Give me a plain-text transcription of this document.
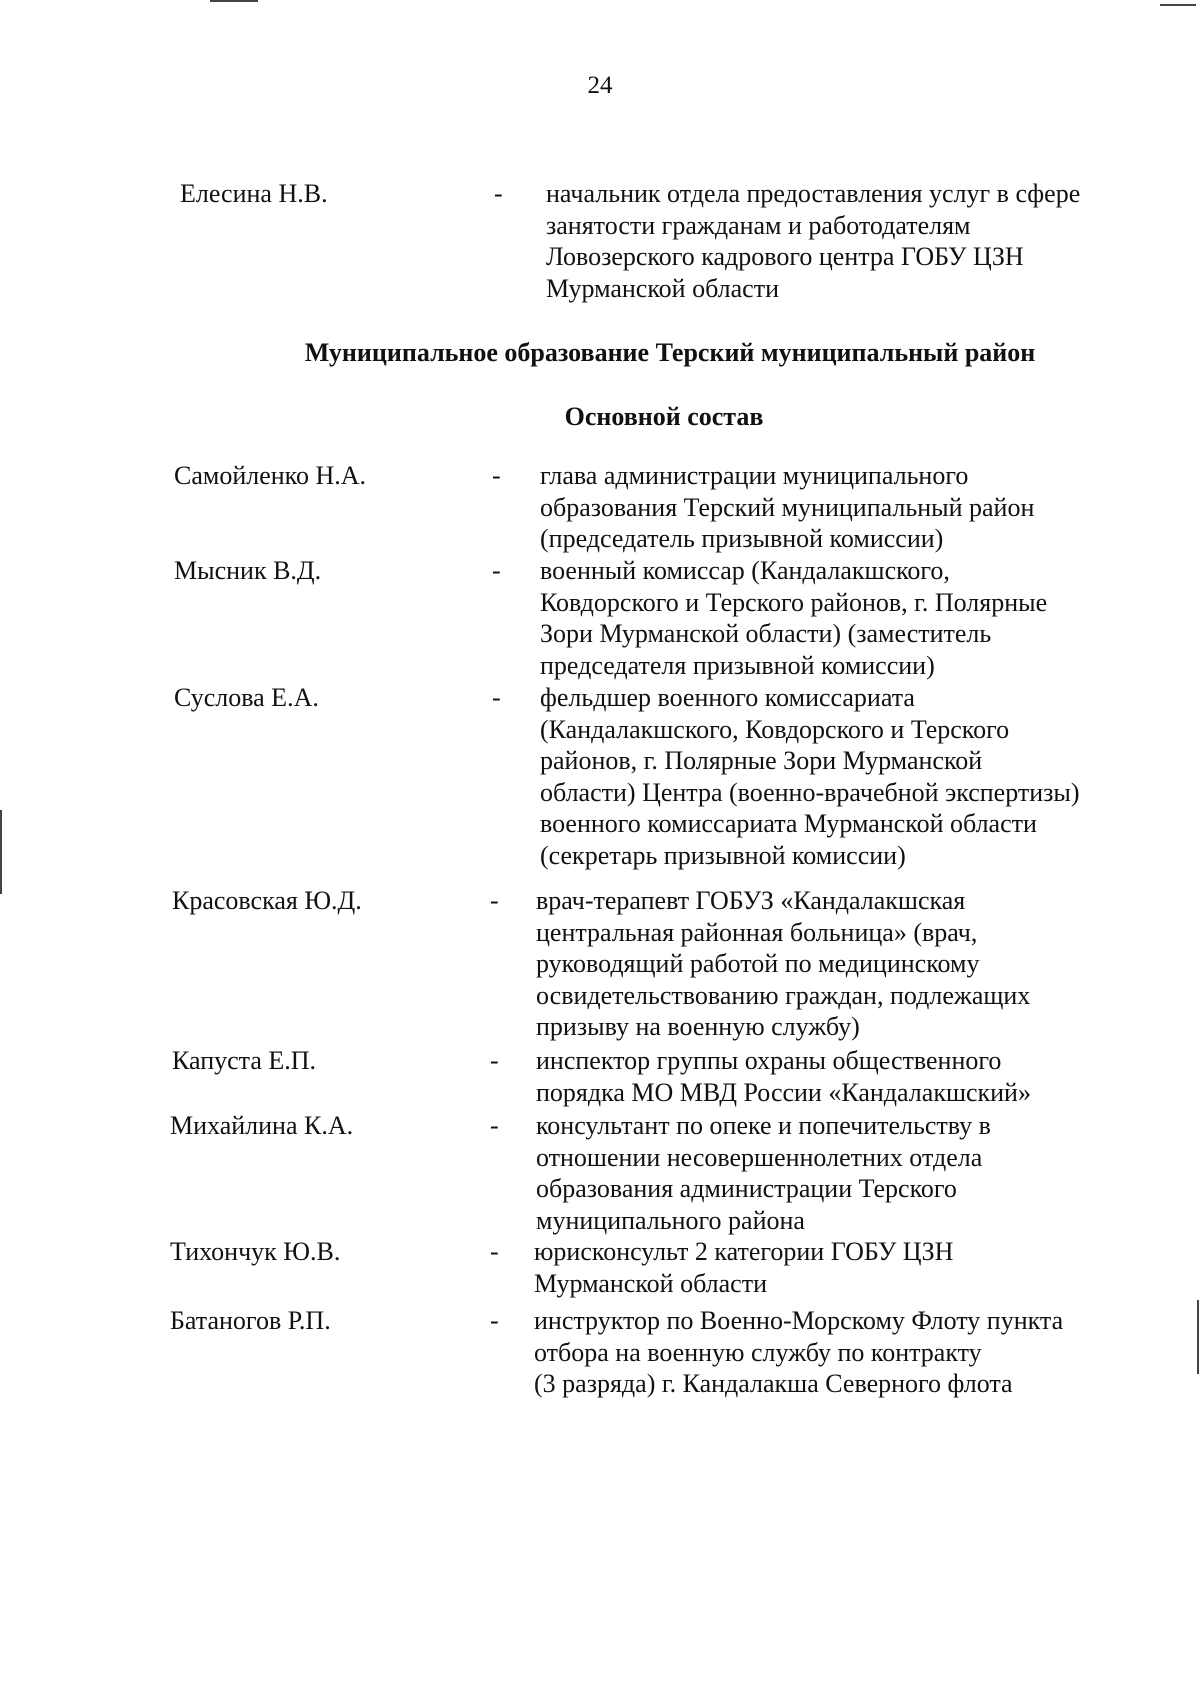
24
Елесина Н.В.	- начальник отдела предоставления услуг в сфере
занятости гражданам и работодателям
Ловозерского кадрового центра ГОБУ ЦЗН
Мурманской области
Муниципальное образование Терский муниципальный район
Основной состав
Самойленко Н.А.	- глава администрации муниципального
образования Терский муниципальный район
(председатель призывной комиссии)
Мысник В.Д.	- военный комиссар (Кандалакшского,
Ковдорского и Терского районов, г. Полярные
Зори Мурманской области) (заместитель
председателя призывной комиссии)
Суслова Е.А.	- фельдшер военного комиссариата
(Кандалакшского, Ковдорского и Терского
районов, г. Полярные Зори Мурманской
области) Центра (военно-врачебной экспертизы)
военного комиссариата Мурманской области
(секретарь призывной комиссии)
Красовская Ю.Д.	- врач-терапевт ГОБУЗ «Кандалакшская
центральная районная больница» (врач,
руководящий работой по медицинскому
освидетельствованию граждан, подлежащих
призыву на военную службу)
Капуста Е.П.	- инспектор группы охраны общественного
порядка МО МВД России «Кандалакшский»
Михайлина К.А.	- консультант по опеке и попечительству в
отношении несовершеннолетних отдела
образования администрации Терского
муниципального района
Тихончук Ю.В.	- юрисконсульт 2 категории ГОБУ ЦЗН
Мурманской области
Батаногов Р.П.	- инструктор по Военно-Морскому Флоту пункта
отбора на военную службу по контракту
(3 разряда) г. Кандалакша Северного флота
